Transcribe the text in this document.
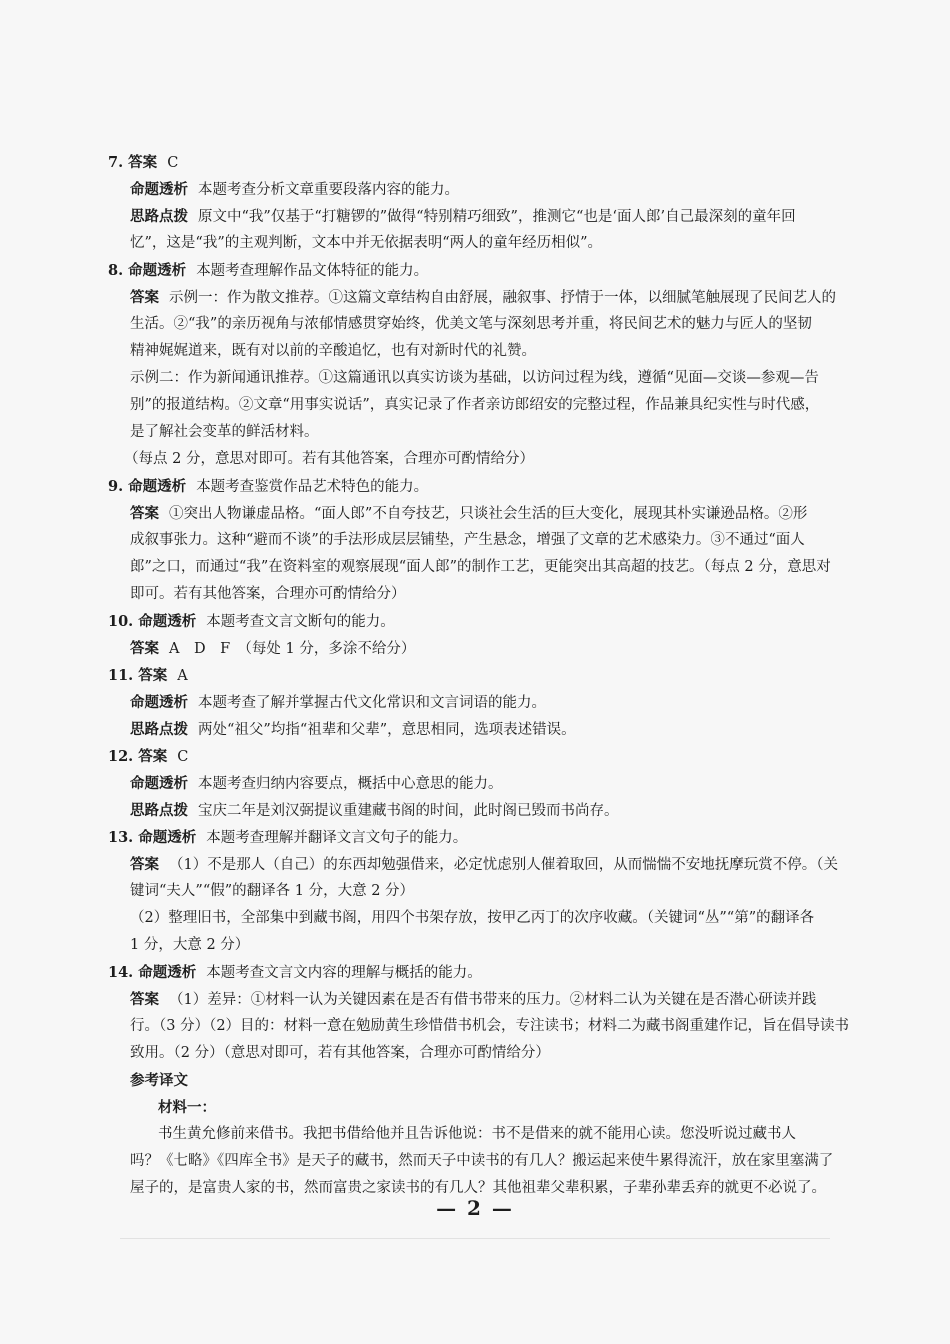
7. 答案 C
命题透析 本题考查分析文章重要段落内容的能力。
思路点拨 原文中“我”仅基于“打糖锣的”做得“特别精巧细致”，推测它“也是‘面人郎’自己最深刻的童年回
忆”，这是“我”的主观判断，文本中并无依据表明“两人的童年经历相似”。
8. 命题透析 本题考查理解作品文体特征的能力。
答案 示例一：作为散文推荐。①这篇文章结构自由舒展，融叙事、抒情于一体，以细腻笔触展现了民间艺人的
生活。②“我”的亲历视角与浓郁情感贯穿始终，优美文笔与深刻思考并重，将民间艺术的魅力与匠人的坚韧
精神娓娓道来，既有对以前的辛酸追忆，也有对新时代的礼赞。
示例二：作为新闻通讯推荐。①这篇通讯以真实访谈为基础，以访问过程为线，遵循“见面—交谈—参观—告
别”的报道结构。②文章“用事实说话”，真实记录了作者亲访郎绍安的完整过程，作品兼具纪实性与时代感，
是了解社会变革的鲜活材料。
（每点 2 分，意思对即可。若有其他答案，合理亦可酌情给分）
9. 命题透析 本题考查鉴赏作品艺术特色的能力。
答案 ①突出人物谦虚品格。“面人郎”不自夸技艺，只谈社会生活的巨大变化，展现其朴实谦逊品格。②形
成叙事张力。这种“避而不谈”的手法形成层层铺垫，产生悬念，增强了文章的艺术感染力。③不通过“面人
郎”之口，而通过“我”在资料室的观察展现“面人郎”的制作工艺，更能突出其高超的技艺。（每点 2 分，意思对
即可。若有其他答案，合理亦可酌情给分）
10. 命题透析 本题考查文言文断句的能力。
答案 A　D　F　（每处 1 分，多涂不给分）
11. 答案 A
命题透析 本题考查了解并掌握古代文化常识和文言词语的能力。
思路点拨 两处“祖父”均指“祖辈和父辈”，意思相同，选项表述错误。
12. 答案 C
命题透析 本题考查归纳内容要点，概括中心意思的能力。
思路点拨 宝庆二年是刘汉弼提议重建藏书阁的时间，此时阁已毁而书尚存。
13. 命题透析 本题考查理解并翻译文言文句子的能力。
答案 （1）不是那人（自己）的东西却勉强借来，必定忧虑别人催着取回，从而惴惴不安地抚摩玩赏不停。（关
键词“夫人”“假”的翻译各 1 分，大意 2 分）
（2）整理旧书，全部集中到藏书阁，用四个书架存放，按甲乙丙丁的次序收藏。（关键词“丛”“第”的翻译各
1 分，大意 2 分）
14. 命题透析 本题考查文言文内容的理解与概括的能力。
答案 （1）差异：①材料一认为关键因素在是否有借书带来的压力。②材料二认为关键在是否潜心研读并践
行。（3 分）（2）目的：材料一意在勉励黄生珍惜借书机会，专注读书；材料二为藏书阁重建作记，旨在倡导读书
致用。（2 分）（意思对即可，若有其他答案，合理亦可酌情给分）
参考译文
材料一：
书生黄允修前来借书。我把书借给他并且告诉他说：书不是借来的就不能用心读。您没听说过藏书人
吗？《七略》《四库全书》是天子的藏书，然而天子中读书的有几人？搬运起来使牛累得流汗，放在家里塞满了
屋子的，是富贵人家的书，然而富贵之家读书的有几人？其他祖辈父辈积累，子辈孙辈丢弃的就更不必说了。
— 2 —
